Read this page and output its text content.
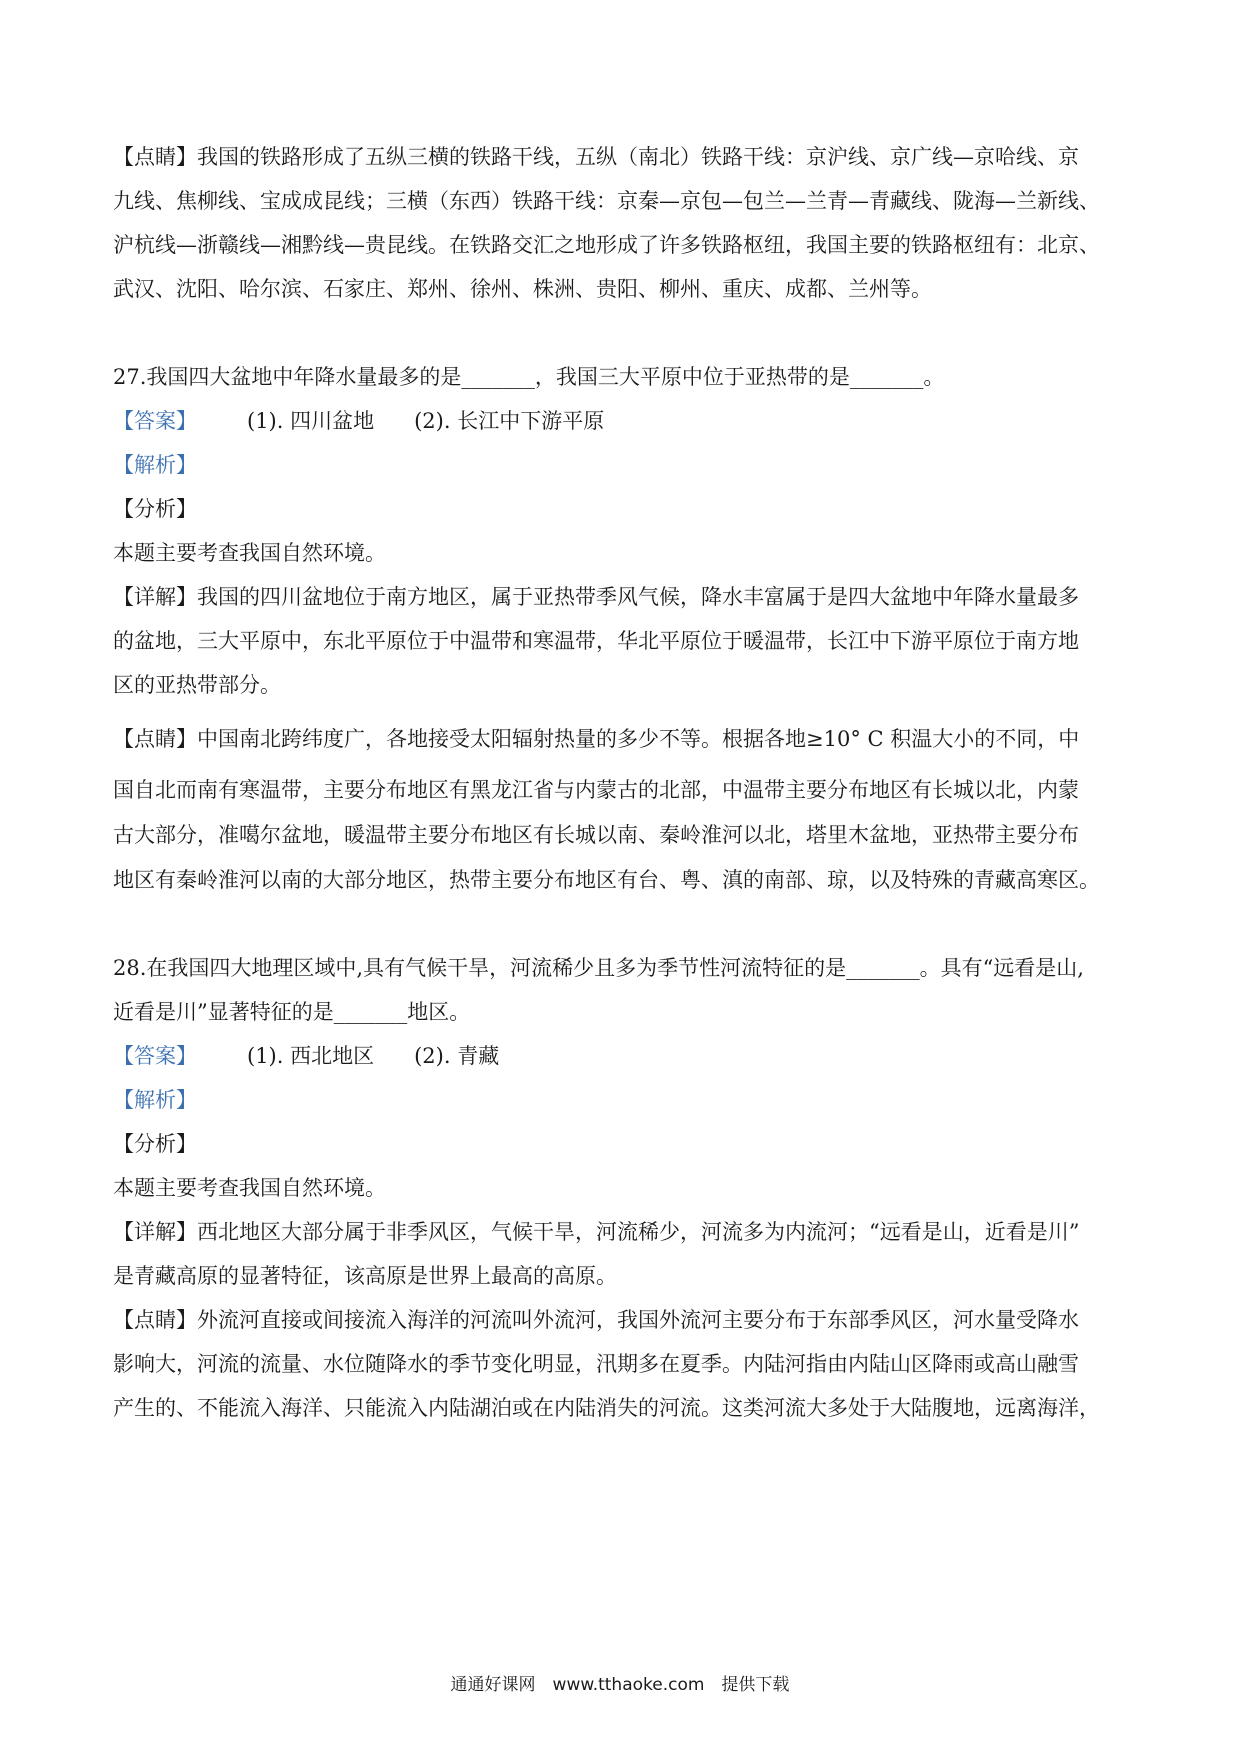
【点睛】我国的铁路形成了五纵三横的铁路干线，五纵（南北）铁路干线：京沪线、京广线—京哈线、京
九线、焦柳线、宝成成昆线；三横（东西）铁路干线：京秦—京包—包兰—兰青—青藏线、陇海—兰新线、
沪杭线—浙赣线—湘黔线—贵昆线。在铁路交汇之地形成了许多铁路枢纽，我国主要的铁路枢纽有：北京、
武汉、沈阳、哈尔滨、石家庄、郑州、徐州、株洲、贵阳、柳州、重庆、成都、兰州等。
27.我国四大盆地中年降水量最多的是_______，我国三大平原中位于亚热带的是_______。
【答案】 (1). 四川盆地 (2). 长江中下游平原
【解析】
【分析】
本题主要考查我国自然环境。
【详解】我国的四川盆地位于南方地区，属于亚热带季风气候，降水丰富属于是四大盆地中年降水量最多
的盆地，三大平原中，东北平原位于中温带和寒温带，华北平原位于暖温带，长江中下游平原位于南方地
区的亚热带部分。
【点睛】中国南北跨纬度广，各地接受太阳辐射热量的多少不等。根据各地≥10° C 积温大小的不同，中
国自北而南有寒温带，主要分布地区有黑龙江省与内蒙古的北部，中温带主要分布地区有长城以北，内蒙
古大部分，准噶尔盆地，暖温带主要分布地区有长城以南、秦岭淮河以北，塔里木盆地，亚热带主要分布
地区有秦岭淮河以南的大部分地区，热带主要分布地区有台、粤、滇的南部、琼，以及特殊的青藏高寒区。
28.在我国四大地理区域中,具有气候干旱，河流稀少且多为季节性河流特征的是_______。具有“远看是山,
近看是川”显著特征的是_______地区。
【答案】 (1). 西北地区 (2). 青藏
【解析】
【分析】
本题主要考查我国自然环境。
【详解】西北地区大部分属于非季风区，气候干旱，河流稀少，河流多为内流河；“远看是山，近看是川”
是青藏高原的显著特征，该高原是世界上最高的高原。
【点睛】外流河直接或间接流入海洋的河流叫外流河，我国外流河主要分布于东部季风区，河水量受降水
影响大，河流的流量、水位随降水的季节变化明显，汛期多在夏季。内陆河指由内陆山区降雨或高山融雪
产生的、不能流入海洋、只能流入内陆湖泊或在内陆消失的河流。这类河流大多处于大陆腹地，远离海洋，
通通好课网　www.tthaoke.com　提供下载
